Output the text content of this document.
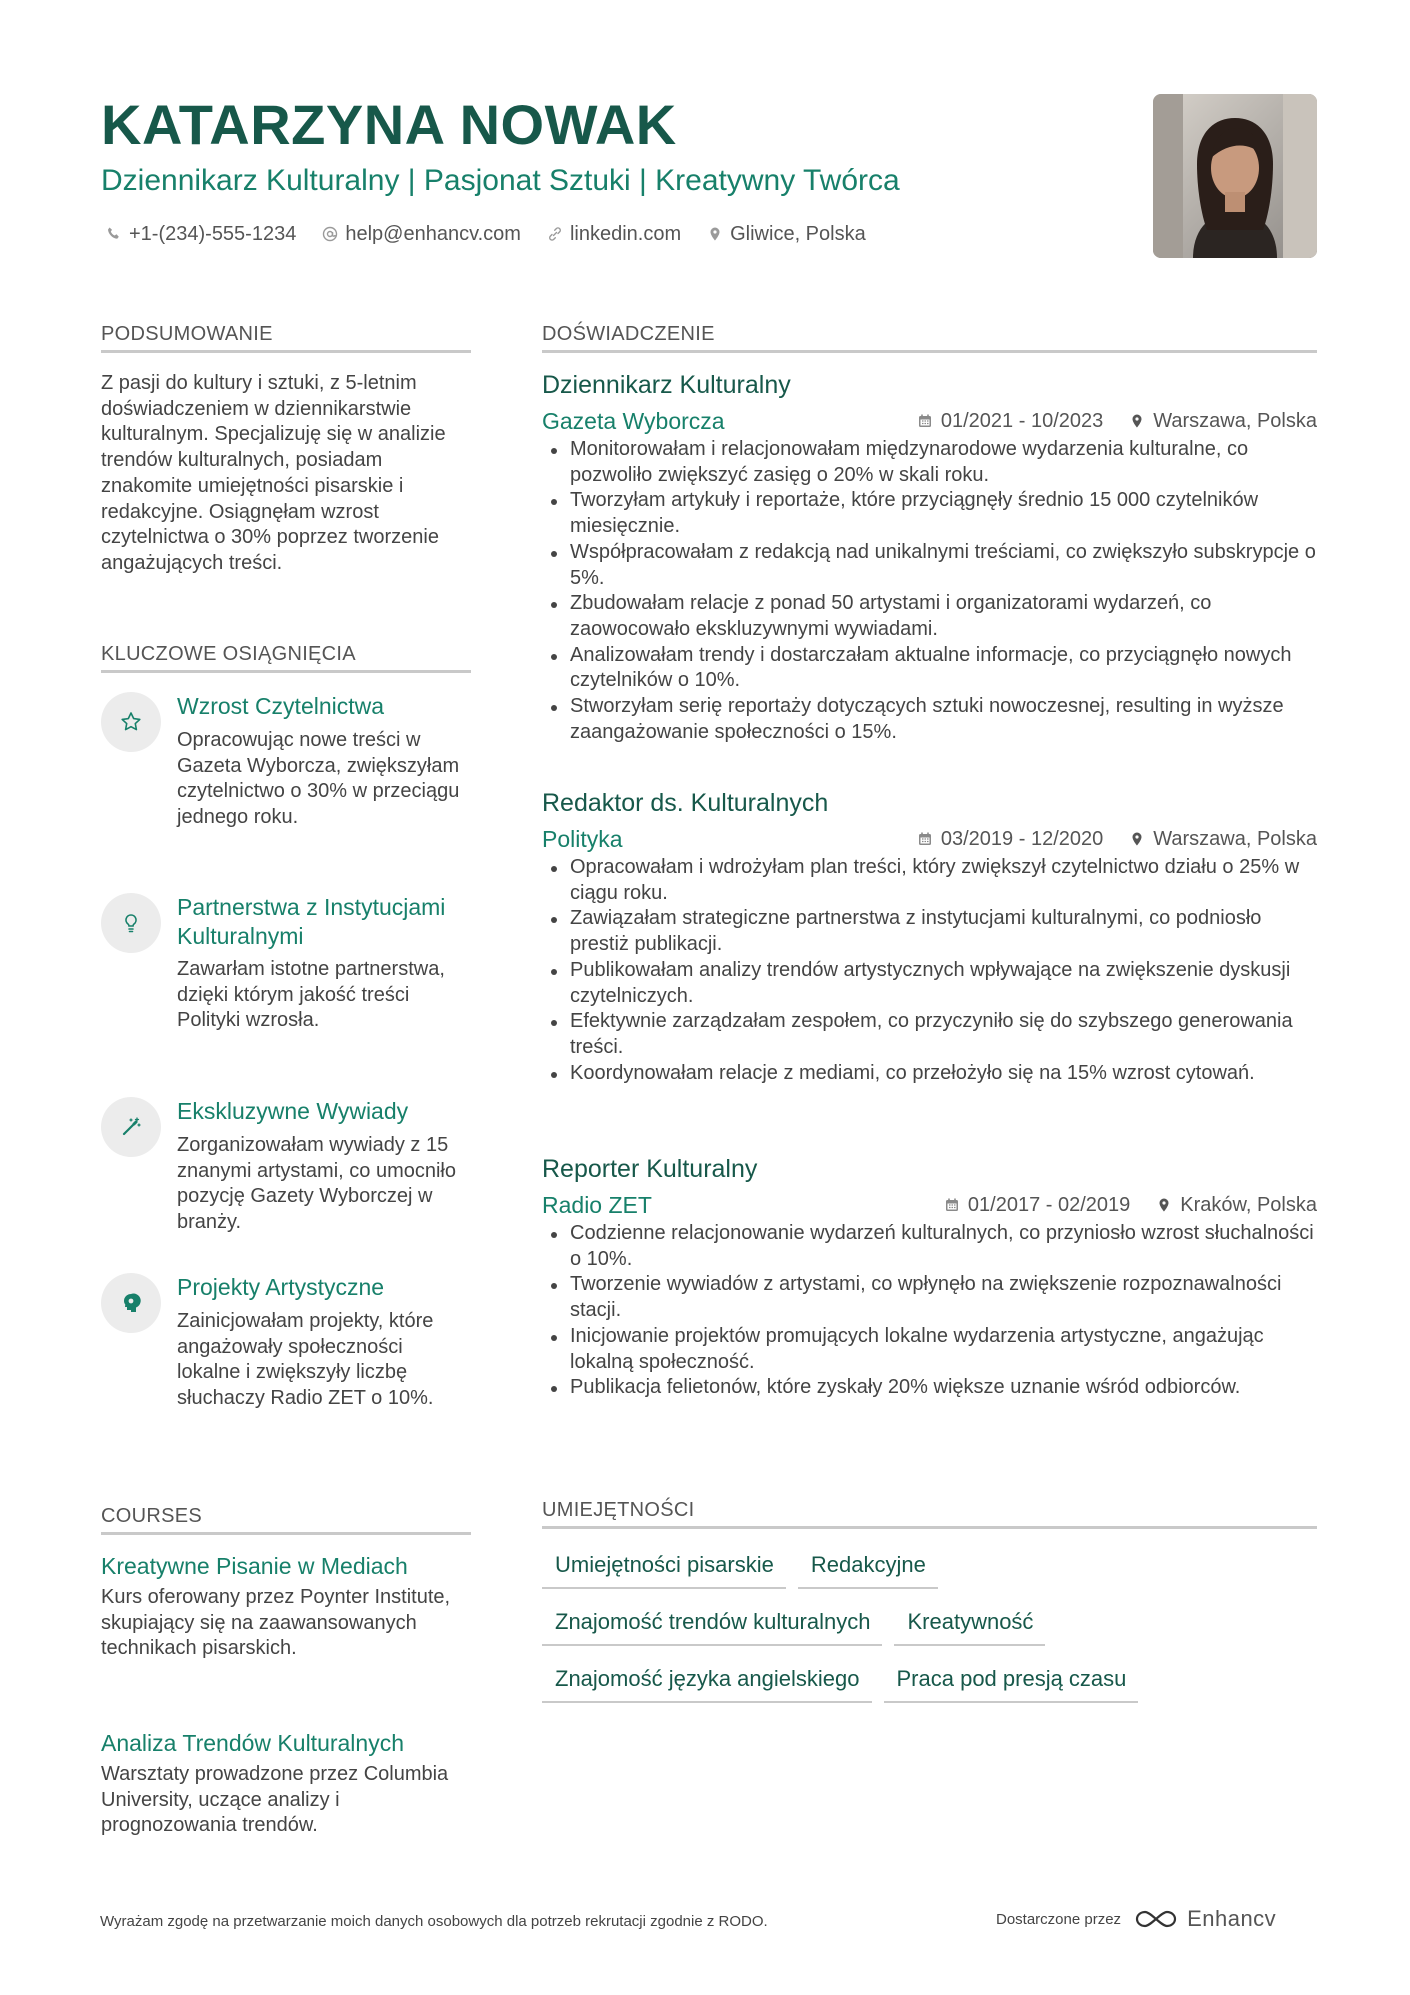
KATARZYNA NOWAK
Dziennikarz Kulturalny | Pasjonat Sztuki | Kreatywny Twórca
+1-(234)-555-1234 help@enhancv.com linkedin.com Gliwice, Polska
PODSUMOWANIE
Z pasji do kultury i sztuki, z 5-letnim doświadczeniem w dziennikarstwie kulturalnym. Specjalizuję się w analizie trendów kulturalnych, posiadam znakomite umiejętności pisarskie i redakcyjne. Osiągnęłam wzrost czytelnictwa o 30% poprzez tworzenie angażujących treści.
KLUCZOWE OSIĄGNIĘCIA
Wzrost Czytelnictwa
Opracowując nowe treści w Gazeta Wyborcza, zwiększyłam czytelnictwo o 30% w przeciągu jednego roku.
Partnerstwa z Instytucjami Kulturalnymi
Zawarłam istotne partnerstwa, dzięki którym jakość treści Polityki wzrosła.
Ekskluzywne Wywiady
Zorganizowałam wywiady z 15 znanymi artystami, co umocniło pozycję Gazety Wyborczej w branży.
Projekty Artystyczne
Zainicjowałam projekty, które angażowały społeczności lokalne i zwiększyły liczbę słuchaczy Radio ZET o 10%.
COURSES
Kreatywne Pisanie w Mediach
Kurs oferowany przez Poynter Institute, skupiający się na zaawansowanych technikach pisarskich.
Analiza Trendów Kulturalnych
Warsztaty prowadzone przez Columbia University, uczące analizy i prognozowania trendów.
DOŚWIADCZENIE
Dziennikarz Kulturalny
Gazeta Wyborcza	01/2021 - 10/2023	Warszawa, Polska
Monitorowałam i relacjonowałam międzynarodowe wydarzenia kulturalne, co pozwoliło zwiększyć zasięg o 20% w skali roku.
Tworzyłam artykuły i reportaże, które przyciągnęły średnio 15 000 czytelników miesięcznie.
Współpracowałam z redakcją nad unikalnymi treściami, co zwiększyło subskrypcje o 5%.
Zbudowałam relacje z ponad 50 artystami i organizatorami wydarzeń, co zaowocowało ekskluzywnymi wywiadami.
Analizowałam trendy i dostarczałam aktualne informacje, co przyciągnęło nowych czytelników o 10%.
Stworzyłam serię reportaży dotyczących sztuki nowoczesnej, resulting in wyższe zaangażowanie społeczności o 15%.
Redaktor ds. Kulturalnych
Polityka	03/2019 - 12/2020	Warszawa, Polska
Opracowałam i wdrożyłam plan treści, który zwiększył czytelnictwo działu o 25% w ciągu roku.
Zawiązałam strategiczne partnerstwa z instytucjami kulturalnymi, co podniosło prestiż publikacji.
Publikowałam analizy trendów artystycznych wpływające na zwiększenie dyskusji czytelniczych.
Efektywnie zarządzałam zespołem, co przyczyniło się do szybszego generowania treści.
Koordynowałam relacje z mediami, co przełożyło się na 15% wzrost cytowań.
Reporter Kulturalny
Radio ZET	01/2017 - 02/2019	Kraków, Polska
Codzienne relacjonowanie wydarzeń kulturalnych, co przyniosło wzrost słuchalności o 10%.
Tworzenie wywiadów z artystami, co wpłynęło na zwiększenie rozpoznawalności stacji.
Inicjowanie projektów promujących lokalne wydarzenia artystyczne, angażując lokalną społeczność.
Publikacja felietonów, które zyskały 20% większe uznanie wśród odbiorców.
UMIEJĘTNOŚCI
Umiejętności pisarskie	Redakcyjne
Znajomość trendów kulturalnych	Kreatywność
Znajomość języka angielskiego	Praca pod presją czasu
Wyrażam zgodę na przetwarzanie moich danych osobowych dla potrzeb rekrutacji zgodnie z RODO.	Dostarczone przez	Enhancv
